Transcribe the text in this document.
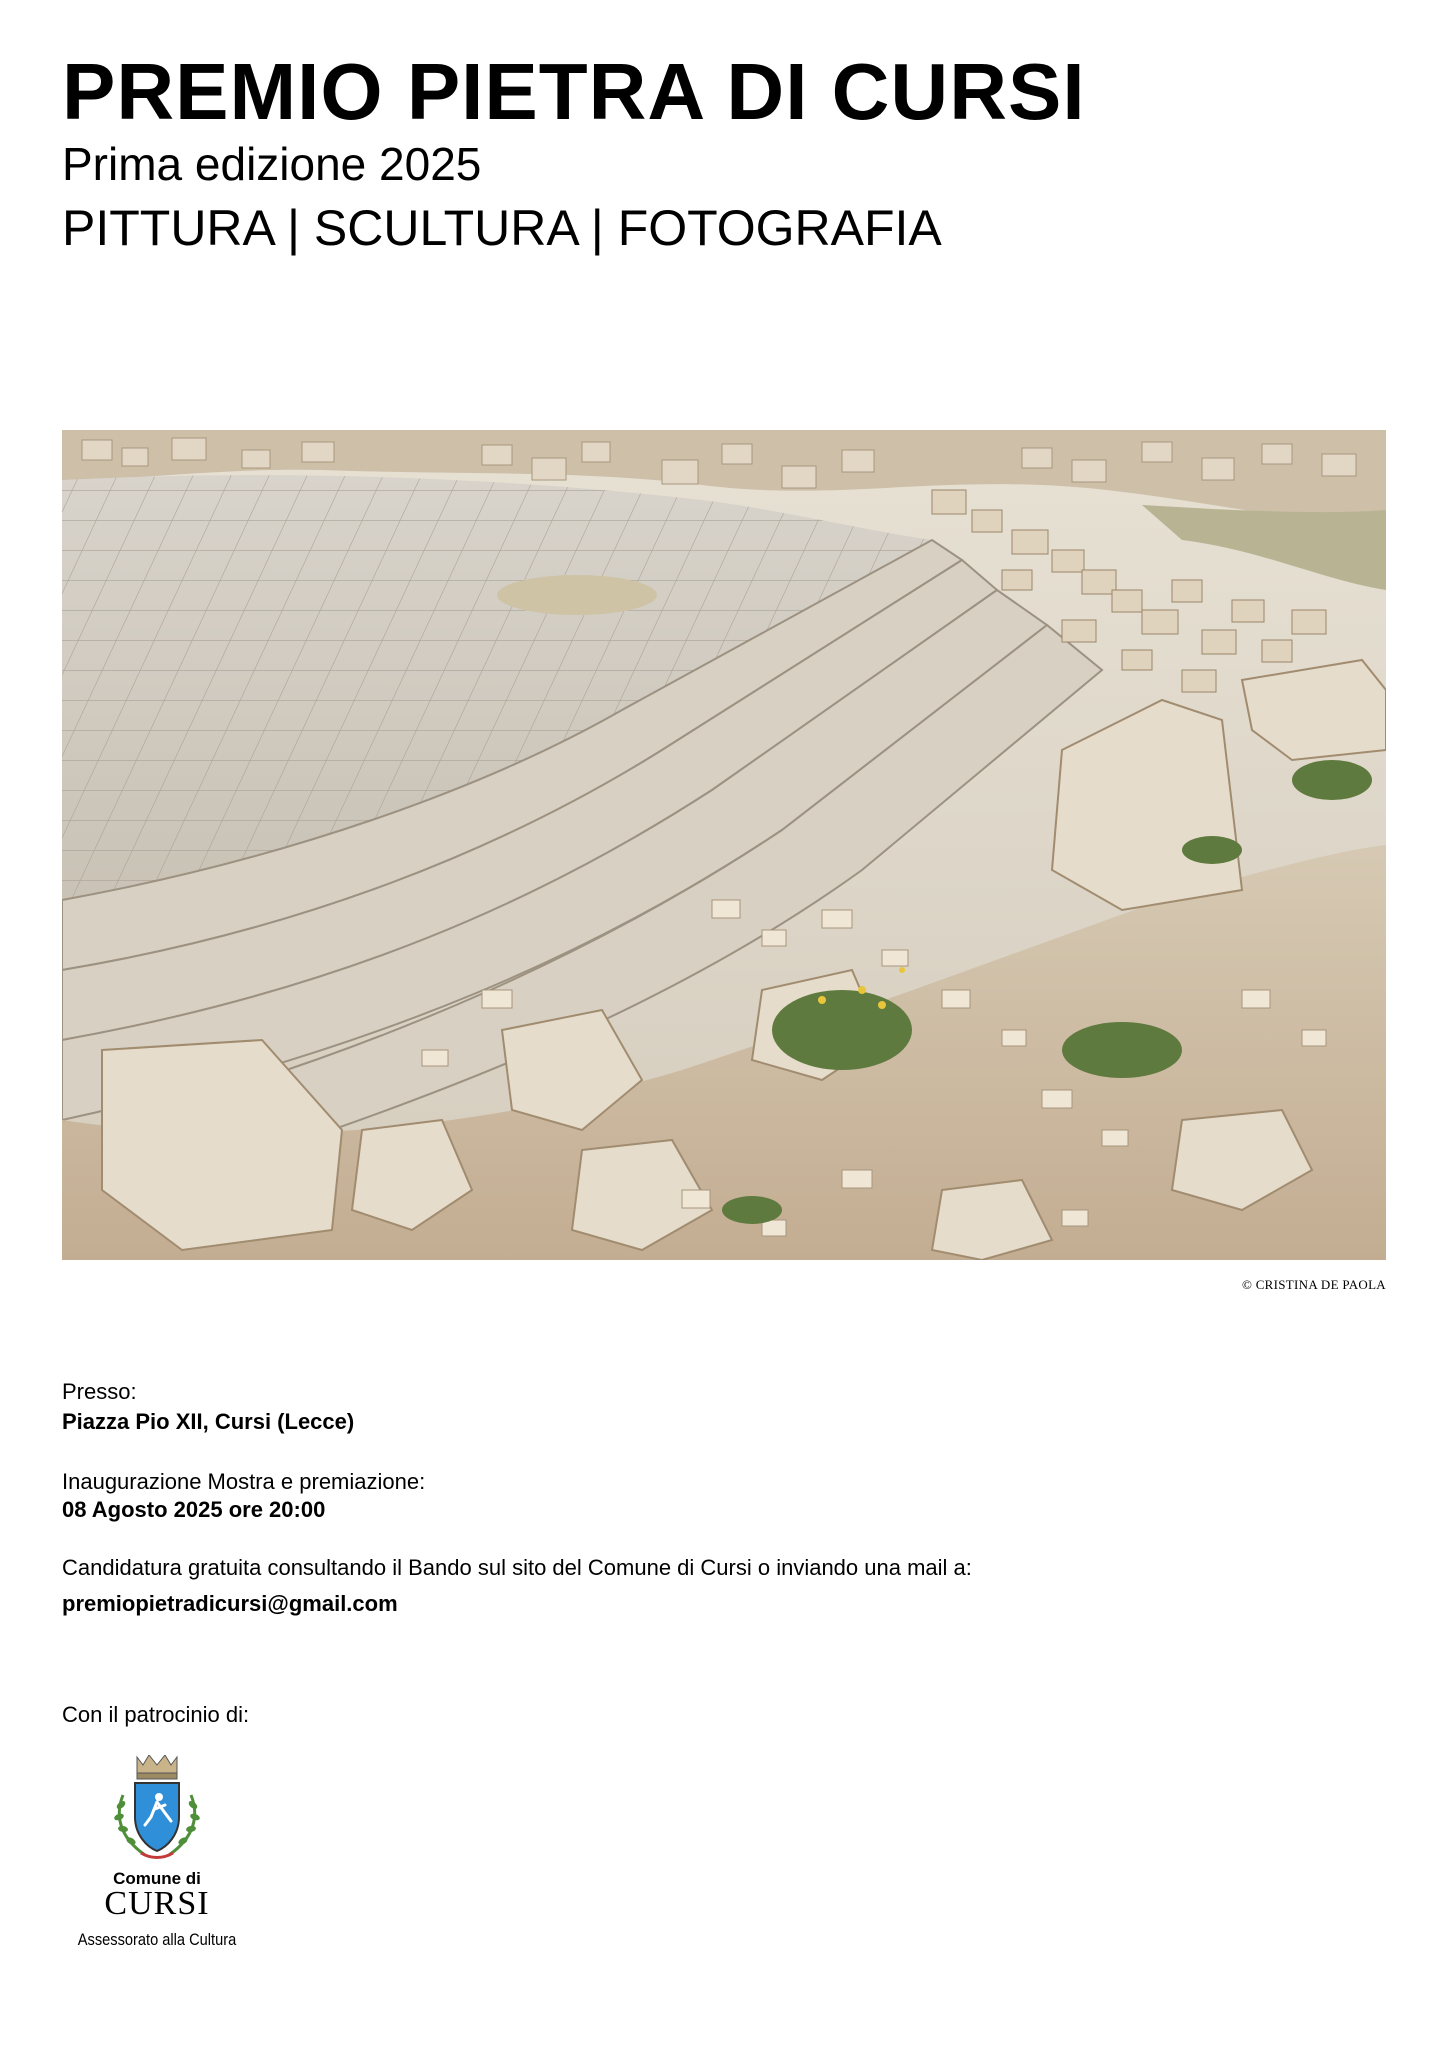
PREMIO PIETRA DI CURSI
Prima edizione 2025
PITTURA | SCULTURA | FOTOGRAFIA
© CRISTINA DE PAOLA
Presso:
Piazza Pio XII, Cursi (Lecce)
Inaugurazione Mostra e premiazione:
08 Agosto 2025 ore 20:00
Candidatura gratuita consultando il Bando sul sito del Comune di Cursi o inviando una mail a:
premiopietradicursi@gmail.com
Con il patrocinio di:
Comune di
CURSI
Assessorato alla Cultura
